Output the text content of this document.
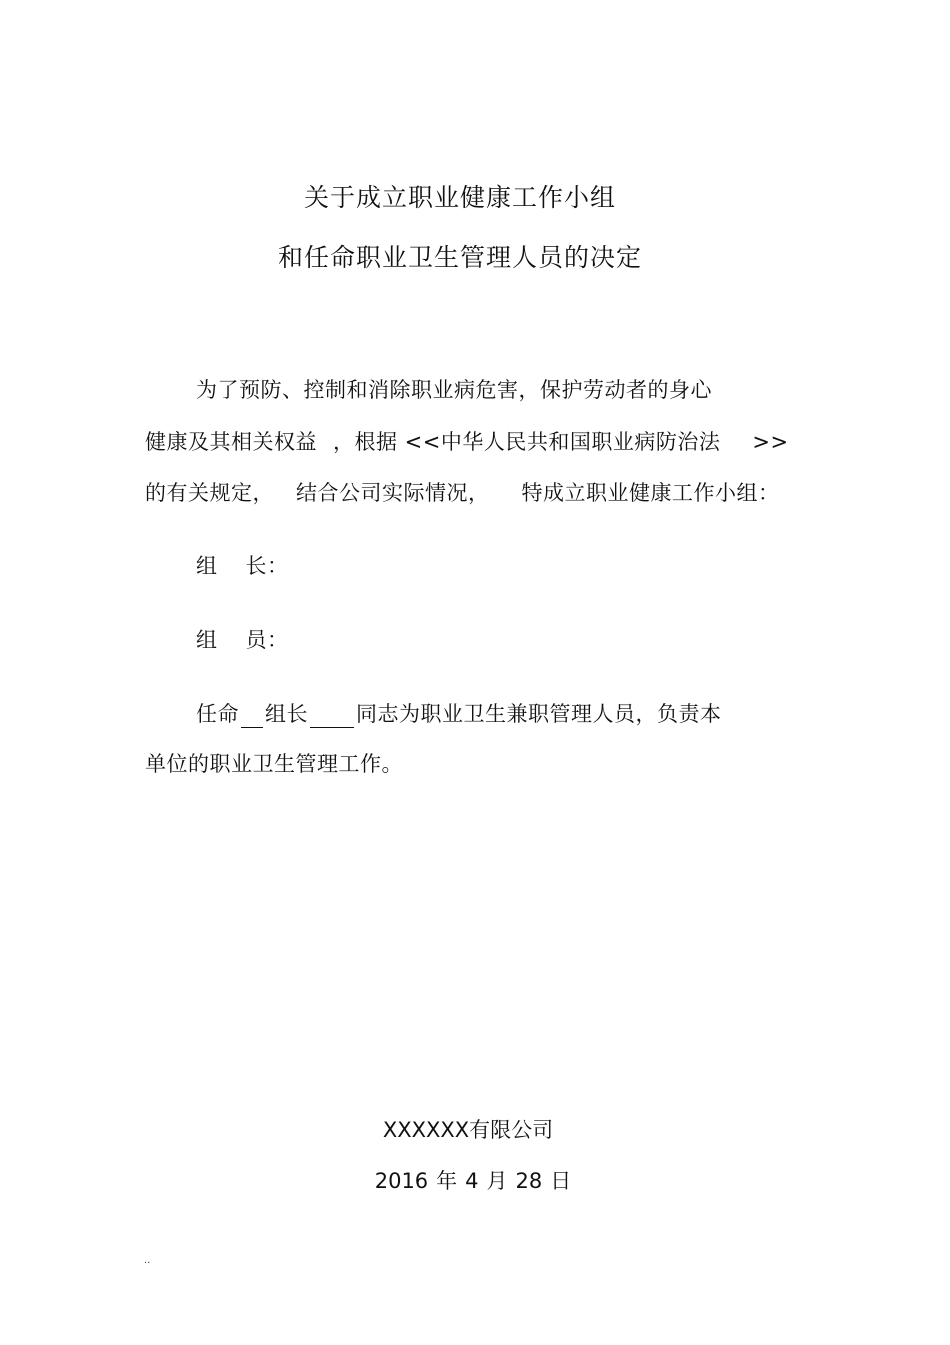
关于成立职业健康工作小组
和任命职业卫生管理人员的决定
为了预防、控制和消除职业病危害，保护劳动者的身心
健康及其相关权益 ，根据 <<中华人民共和国职业病防治法 >>
的有关规定， 结合公司实际情况， 特成立职业健康工作小组：
组 长：
组 员：
任命 组长 同志为职业卫生兼职管理人员，负责本
单位的职业卫生管理工作。
XXXXXX有限公司
2016 年 4 月 28 日
..
